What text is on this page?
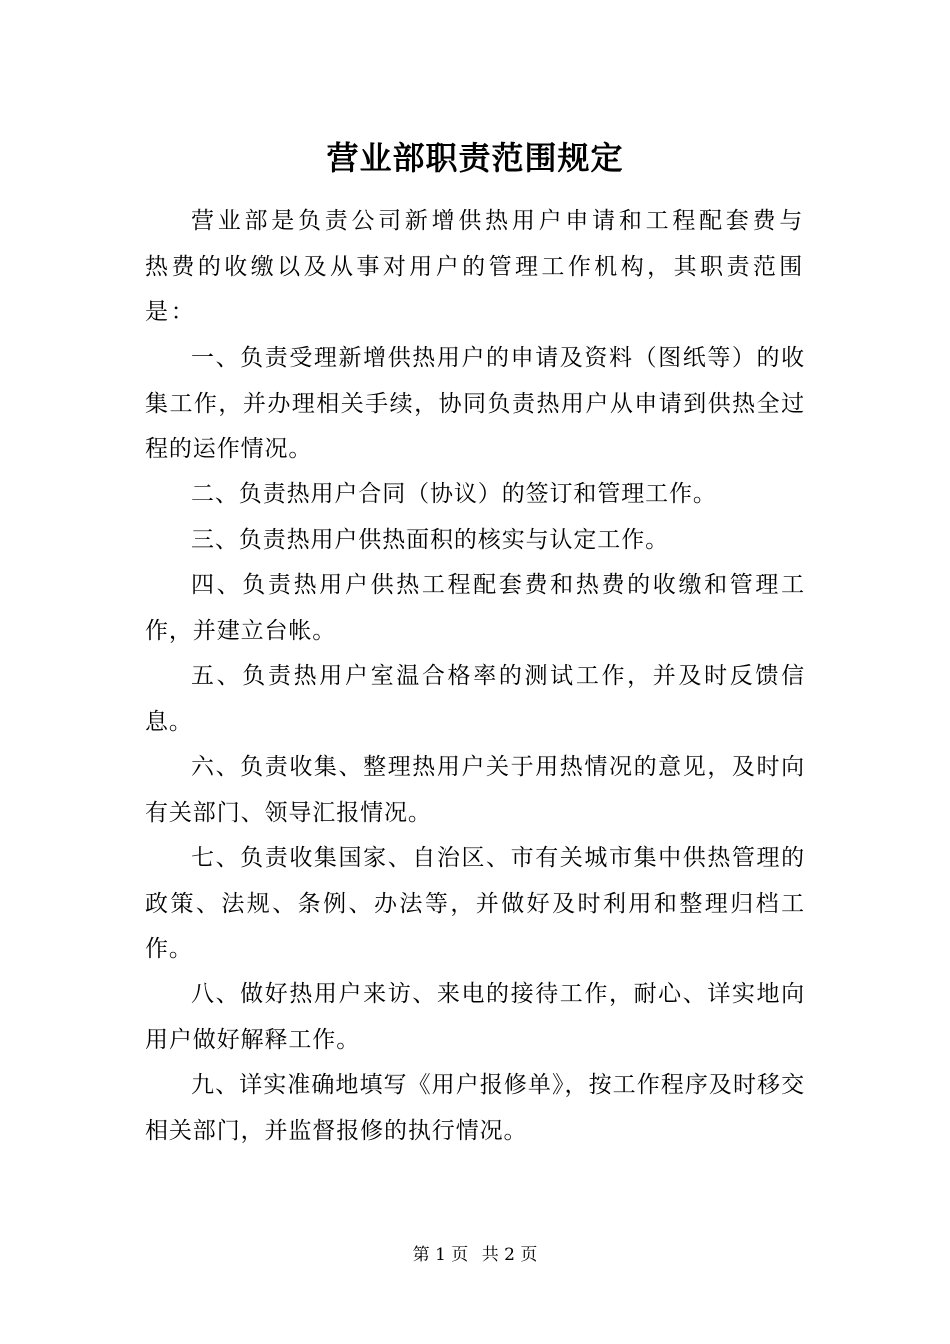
营业部职责范围规定

营业部是负责公司新增供热用户申请和工程配套费与热费的收缴以及从事对用户的管理工作机构，其职责范围是：

一、负责受理新增供热用户的申请及资料（图纸等）的收集工作，并办理相关手续，协同负责热用户从申请到供热全过程的运作情况。

二、负责热用户合同（协议）的签订和管理工作。

三、负责热用户供热面积的核实与认定工作。

四、负责热用户供热工程配套费和热费的收缴和管理工作，并建立台帐。

五、负责热用户室温合格率的测试工作，并及时反馈信息。

六、负责收集、整理热用户关于用热情况的意见，及时向有关部门、领导汇报情况。

七、负责收集国家、自治区、市有关城市集中供热管理的政策、法规、条例、办法等，并做好及时利用和整理归档工作。

八、做好热用户来访、来电的接待工作，耐心、详实地向用户做好解释工作。

九、详实准确地填写《用户报修单》，按工作程序及时移交相关部门，并监督报修的执行情况。

第 1 页 共 2 页
